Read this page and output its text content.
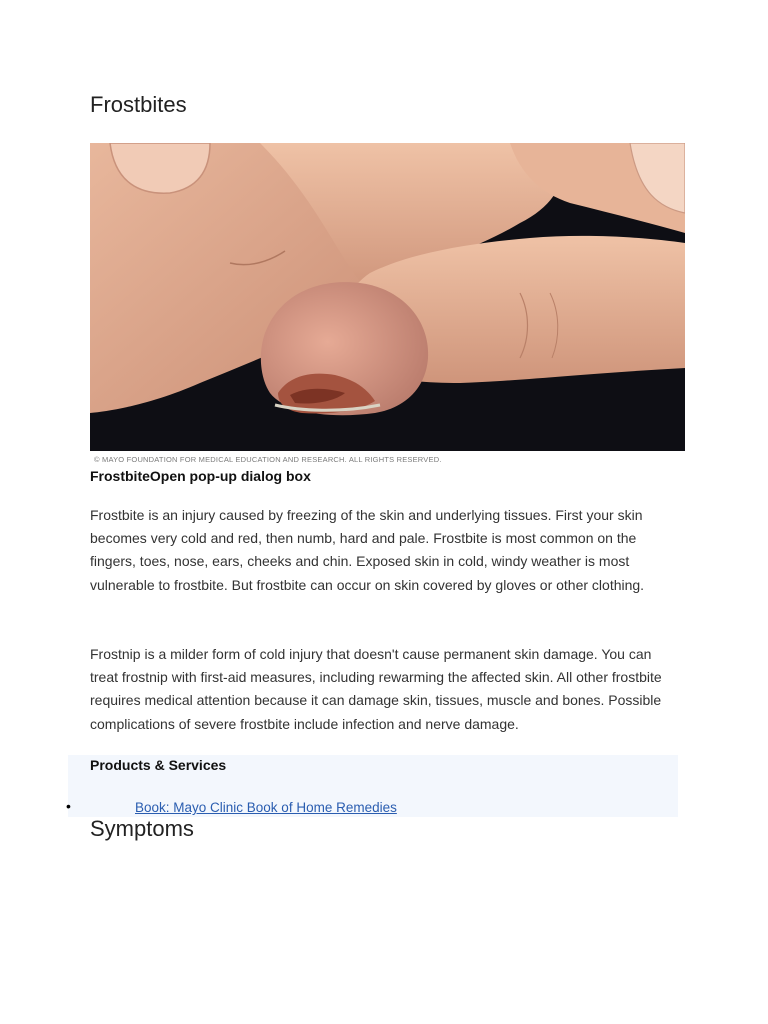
Frostbites
© MAYO FOUNDATION FOR MEDICAL EDUCATION AND RESEARCH. ALL RIGHTS RESERVED.
FrostbiteOpen pop-up dialog box

Frostbite is an injury caused by freezing of the skin and underlying tissues. First your skin becomes very cold and red, then numb, hard and pale. Frostbite is most common on the fingers, toes, nose, ears, cheeks and chin. Exposed skin in cold, windy weather is most vulnerable to frostbite. But frostbite can occur on skin covered by gloves or other clothing.

Frostnip is a milder form of cold injury that doesn't cause permanent skin damage. You can treat frostnip with first-aid measures, including rewarming the affected skin. All other frostbite requires medical attention because it can damage skin, tissues, muscle and bones. Possible complications of severe frostbite include infection and nerve damage.

Products & Services
•	Book: Mayo Clinic Book of Home Remedies
Symptoms
